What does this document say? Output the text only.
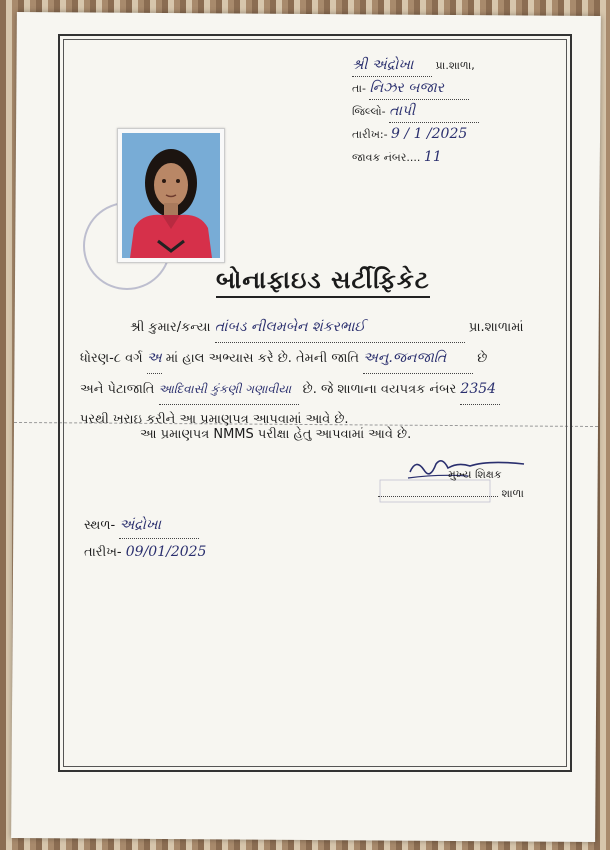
શ્રી અંદ્રોખા પ્રા.શાળા,
તા- નિઝર બજાર
જિલ્લો- તાપી
તારીખ:- 9 / 1 /2025
જાવક નંબર.... 11
બોનાફાઇડ સર્ટીફિકેટ
શ્રી કુમાર/કન્યા તાંબડ નીલમબેન શંકરભાઈ	પ્રા.શાળામાં
ધોરણ-૮ વર્ગ અ માં હાલ અભ્યાસ કરે છે. તેમની જાતિ અનુ.જનજાતિ છે
અને પેટાજાતિ આદિવાસી કુંકણી ગણાવીયા છે. જે શાળાના વયપત્રક નંબર 2354
પરથી ખરાઇ કરીને આ પ્રમાણપત્ર આપવામાં આવે છે.
આ પ્રમાણપત્ર NMMS પરીક્ષા હેતુ આપવામાં આવે છે.
મુખ્ય શિક્ષક
શાળા
સ્થળ- અંદ્રોખા
તારીખ- 09/01/2025
